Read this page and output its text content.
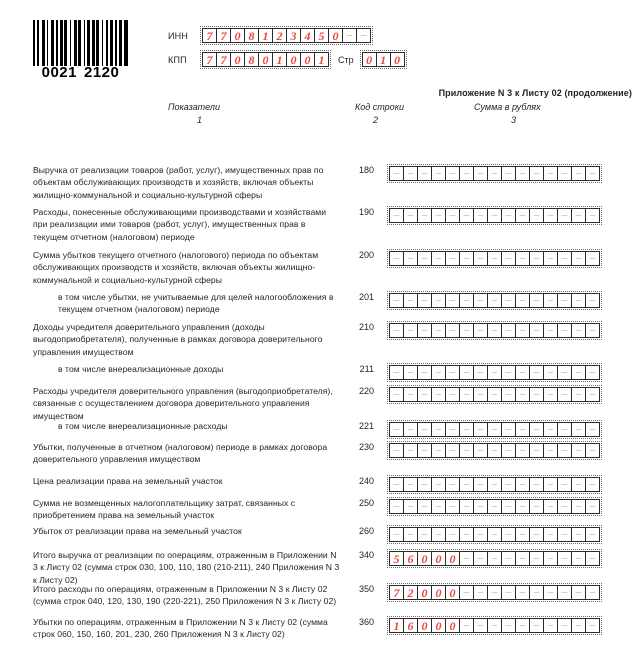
0021 2120
ИНН	7 7 0 8 1 2 3 4 5 0 – –
КПП	7 7 0 8 0 1 0 0 1	Стр	0 1 0
Приложение N 3 к Листу 02 (продолжение)
Показатели
1
Код строки
2
Сумма в рублях
3
Выручка от реализации товаров (работ, услуг), имущественных прав по объектам обслуживающих производств и хозяйств, включая объекты жилищно-коммунальной и социально-культурной сферы
180	– – – – – – – – – – – – – – –
Расходы, понесенные обслуживающими производствами и хозяйствами при реализации ими товаров (работ, услуг), имущественных прав в текущем отчетном (налоговом) периоде
190	– – – – – – – – – – – – – – –
Сумма убытков текущего отчетного (налогового) периода по объектам обслуживающих производств и хозяйств, включая объекты жилищно-коммунальной и социально-культурной сферы
200	– – – – – – – – – – – – – – –
в том числе убытки, не учитываемые для целей налогообложения в текущем отчетном (налоговом) периоде
201	– – – – – – – – – – – – – – –
Доходы учредителя доверительного управления (доходы выгодоприобретателя), полученные в рамках договора доверительного управления имуществом
210	– – – – – – – – – – – – – – –
в том числе внереализационные доходы	211	– – – – – – – – – – – – – – –
Расходы учредителя доверительного управления (выгодоприобретателя), связанные с осуществлением договора доверительного управления имуществом
220	– – – – – – – – – – – – – – –
в том числе внереализационные расходы	221	– – – – – – – – – – – – – – –
Убытки, полученные в отчетном (налоговом) периоде в рамках договора доверительного управления имуществом
230	– – – – – – – – – – – – – – –
Цена реализации права на земельный участок	240	– – – – – – – – – – – – – – –
Сумма не возмещенных налогоплательщику затрат, связанных с приобретением права на земельный участок
250	– – – – – – – – – – – – – – –
Убыток от реализации права на земельный участок	260	– – – – – – – – – – – – – – –
Итого выручка от реализации по операциям, отраженным в Приложении N 3 к Листу 02 (сумма строк 030, 100, 110, 180 (210-211), 240 Приложения N 3 к Листу 02)
340	5 6 0 0 0 – – – – – – – – – –
Итого расходы по операциям, отраженным в Приложении N 3 к Листу 02 (сумма строк 040, 120, 130, 190 (220-221), 250 Приложения N 3 к Листу 02)
350	7 2 0 0 0 – – – – – – – – – –
Убытки по операциям, отраженным в Приложении N 3 к Листу 02 (сумма строк 060, 150, 160, 201, 230, 260 Приложения N 3 к Листу 02)
360	1 6 0 0 0 – – – – – – – – – –
